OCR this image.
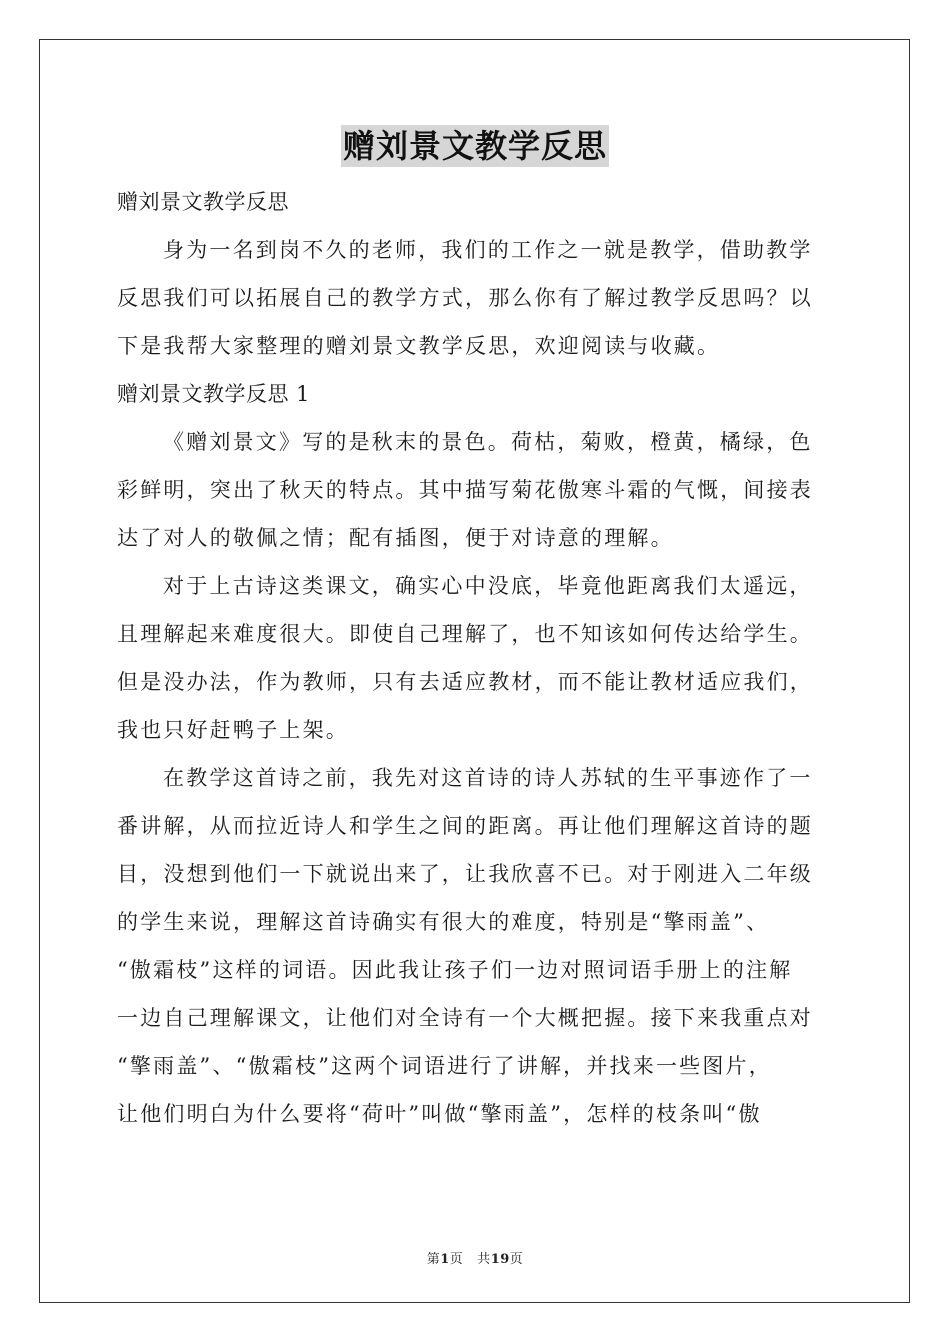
赠刘景文教学反思
赠刘景文教学反思
身为一名到岗不久的老师，我们的工作之一就是教学，借助教学
反思我们可以拓展自己的教学方式，那么你有了解过教学反思吗？以
下是我帮大家整理的赠刘景文教学反思，欢迎阅读与收藏。
赠刘景文教学反思 1
《赠刘景文》写的是秋末的景色。荷枯，菊败，橙黄，橘绿，色
彩鲜明，突出了秋天的特点。其中描写菊花傲寒斗霜的气慨，间接表
达了对人的敬佩之情；配有插图，便于对诗意的理解。
对于上古诗这类课文，确实心中没底，毕竟他距离我们太遥远，
且理解起来难度很大。即使自己理解了，也不知该如何传达给学生。
但是没办法，作为教师，只有去适应教材，而不能让教材适应我们，
我也只好赶鸭子上架。
在教学这首诗之前，我先对这首诗的诗人苏轼的生平事迹作了一
番讲解，从而拉近诗人和学生之间的距离。再让他们理解这首诗的题
目，没想到他们一下就说出来了，让我欣喜不已。对于刚进入二年级
的学生来说，理解这首诗确实有很大的难度，特别是“擎雨盖”、
“傲霜枝”这样的词语。因此我让孩子们一边对照词语手册上的注解
一边自己理解课文，让他们对全诗有一个大概把握。接下来我重点对
“擎雨盖”、“傲霜枝”这两个词语进行了讲解，并找来一些图片，
让他们明白为什么要将“荷叶”叫做“擎雨盖”，怎样的枝条叫“傲
第1页 共19页
